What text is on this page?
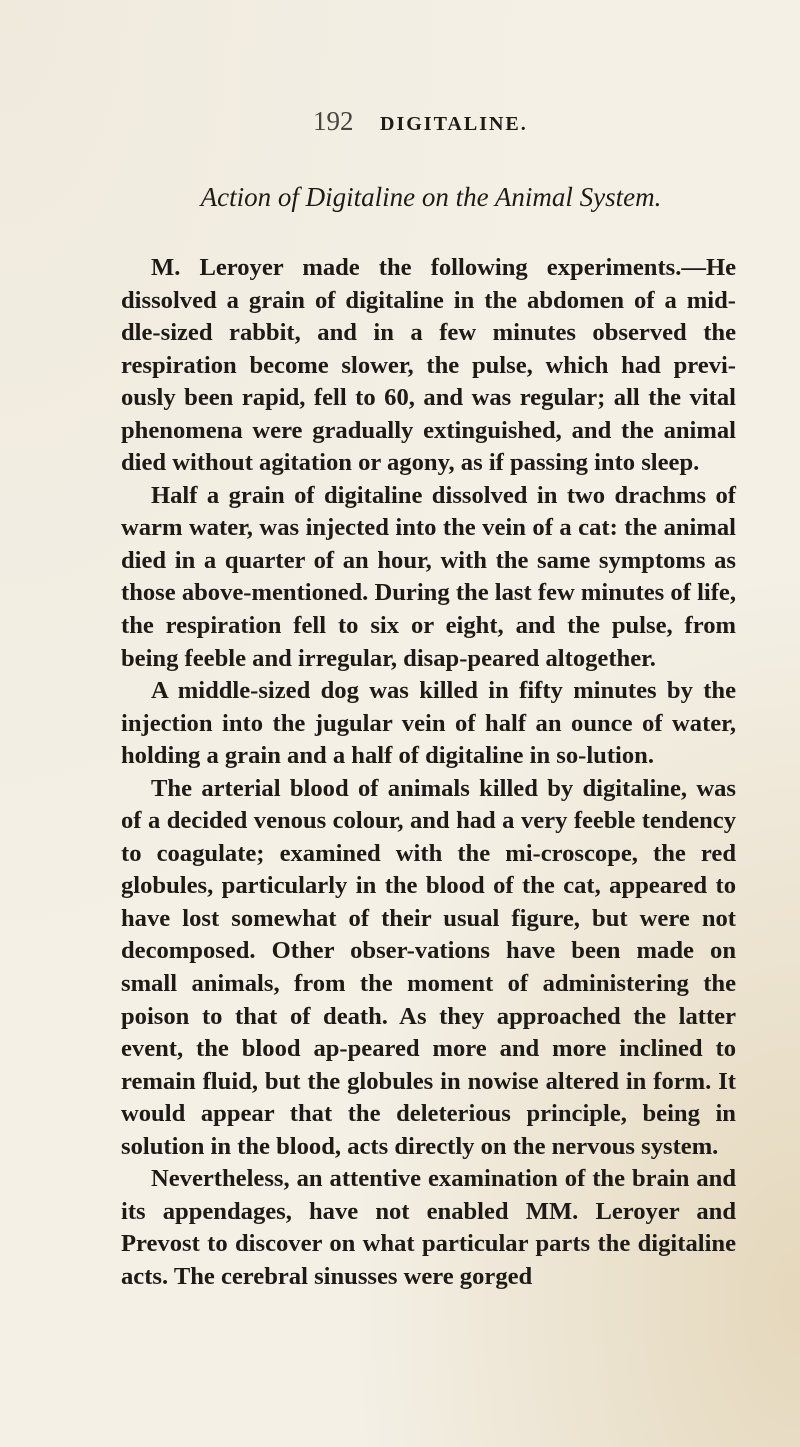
192 DIGITALINE.
Action of Digitaline on the Animal System.

M. Leroyer made the following experiments.—He dissolved a grain of digitaline in the abdomen of a mid-dle-sized rabbit, and in a few minutes observed the respiration become slower, the pulse, which had previ-ously been rapid, fell to 60, and was regular; all the vital phenomena were gradually extinguished, and the animal died without agitation or agony, as if passing into sleep.

Half a grain of digitaline dissolved in two drachms of warm water, was injected into the vein of a cat: the animal died in a quarter of an hour, with the same symptoms as those above-mentioned. During the last few minutes of life, the respiration fell to six or eight, and the pulse, from being feeble and irregular, disap-peared altogether.

A middle-sized dog was killed in fifty minutes by the injection into the jugular vein of half an ounce of water, holding a grain and a half of digitaline in so-lution.

The arterial blood of animals killed by digitaline, was of a decided venous colour, and had a very feeble tendency to coagulate; examined with the mi-croscope, the red globules, particularly in the blood of the cat, appeared to have lost somewhat of their usual figure, but were not decomposed. Other obser-vations have been made on small animals, from the moment of administering the poison to that of death. As they approached the latter event, the blood ap-peared more and more inclined to remain fluid, but the globules in nowise altered in form. It would appear that the deleterious principle, being in solution in the blood, acts directly on the nervous system.

Nevertheless, an attentive examination of the brain and its appendages, have not enabled MM. Leroyer and Prevost to discover on what particular parts the digitaline acts. The cerebral sinusses were gorged
